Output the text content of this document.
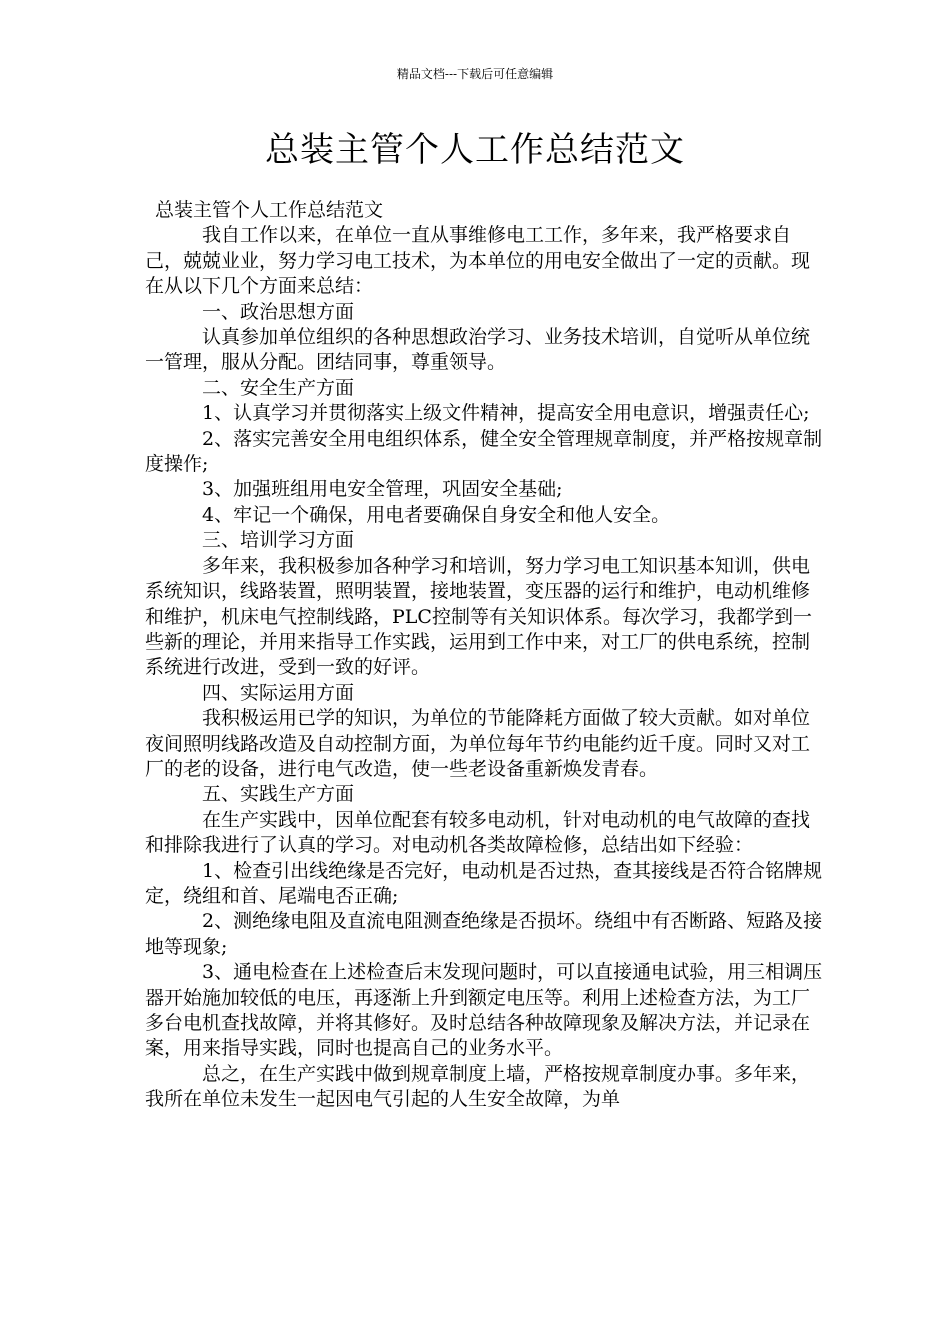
精品文档---下载后可任意编辑
总装主管个人工作总结范文

总装主管个人工作总结范文

我自工作以来，在单位一直从事维修电工工作，多年来，我严格要求自己，兢兢业业，努力学习电工技术，为本单位的用电安全做出了一定的贡献。现在从以下几个方面来总结：

一、政治思想方面

认真参加单位组织的各种思想政治学习、业务技术培训，自觉听从单位统一管理，服从分配。团结同事，尊重领导。

二、安全生产方面

1、认真学习并贯彻落实上级文件精神，提高安全用电意识，增强责任心;

2、落实完善安全用电组织体系，健全安全管理规章制度，并严格按规章制度操作;

3、加强班组用电安全管理，巩固安全基础;

4、牢记一个确保，用电者要确保自身安全和他人安全。

三、培训学习方面

多年来，我积极参加各种学习和培训，努力学习电工知识基本知训，供电系统知识，线路装置，照明装置，接地装置，变压器的运行和维护，电动机维修和维护，机床电气控制线路，PLC控制等有关知识体系。每次学习，我都学到一些新的理论，并用来指导工作实践，运用到工作中来，对工厂的供电系统，控制系统进行改进，受到一致的好评。

四、实际运用方面

我积极运用已学的知识，为单位的节能降耗方面做了较大贡献。如对单位夜间照明线路改造及自动控制方面，为单位每年节约电能约近千度。同时又对工厂的老的设备，进行电气改造，使一些老设备重新焕发青春。

五、实践生产方面

在生产实践中，因单位配套有较多电动机，针对电动机的电气故障的查找和排除我进行了认真的学习。对电动机各类故障检修，总结出如下经验：

1、检查引出线绝缘是否完好，电动机是否过热，查其接线是否符合铭牌规定，绕组和首、尾端电否正确;

2、测绝缘电阻及直流电阻测查绝缘是否损坏。绕组中有否断路、短路及接地等现象;

3、通电检查在上述检查后末发现问题时，可以直接通电试验，用三相调压器开始施加较低的电压，再逐渐上升到额定电压等。利用上述检查方法，为工厂多台电机查找故障，并将其修好。及时总结各种故障现象及解决方法，并记录在案，用来指导实践，同时也提高自己的业务水平。

总之，在生产实践中做到规章制度上墙，严格按规章制度办事。多年来，我所在单位未发生一起因电气引起的人生安全故障，为单
